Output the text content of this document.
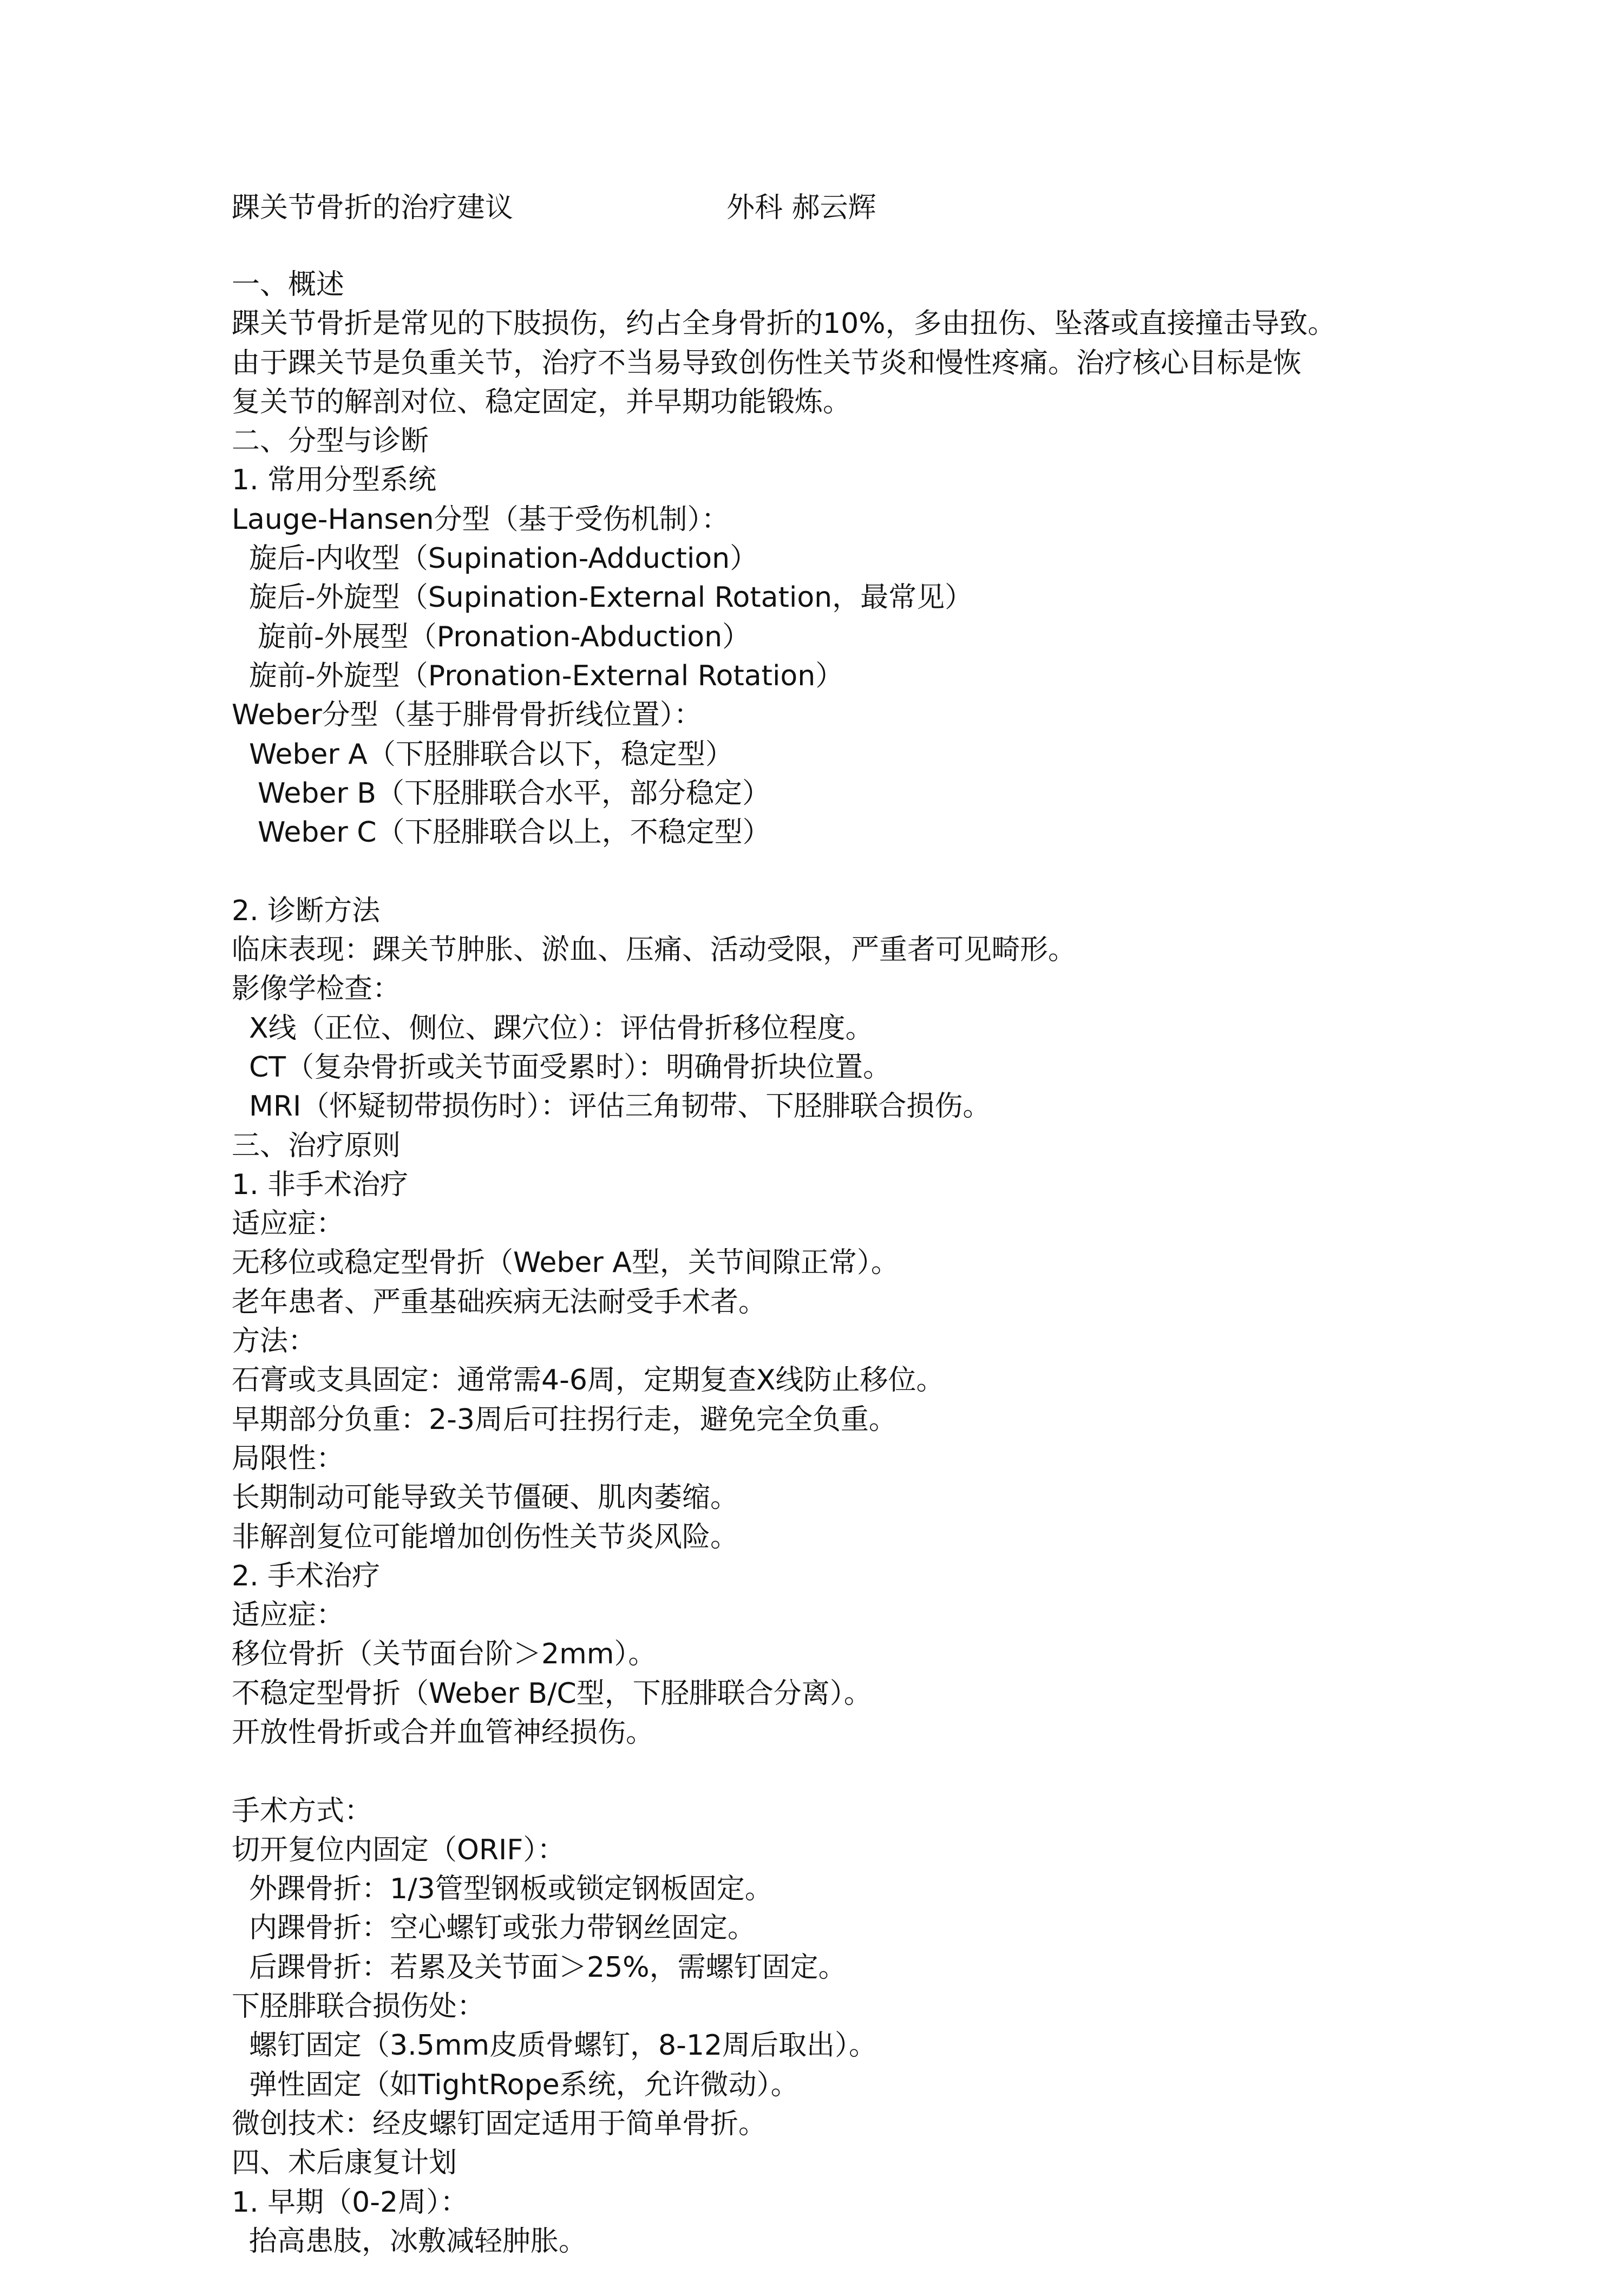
踝关节骨折的治疗建议	外科 郝云辉
一、概述
踝关节骨折是常见的下肢损伤，约占全身骨折的10%，多由扭伤、坠落或直接撞击导致。
由于踝关节是负重关节，治疗不当易导致创伤性关节炎和慢性疼痛。治疗核心目标是恢
复关节的解剖对位、稳定固定，并早期功能锻炼。
二、分型与诊断
1. 常用分型系统
Lauge-Hansen分型（基于受伤机制）：
旋后-内收型（Supination-Adduction）
旋后-外旋型（Supination-External Rotation，最常见）
旋前-外展型（Pronation-Abduction）
旋前-外旋型（Pronation-External Rotation）
Weber分型（基于腓骨骨折线位置）：
Weber A（下胫腓联合以下，稳定型）
Weber B（下胫腓联合水平，部分稳定）
Weber C（下胫腓联合以上，不稳定型）
2. 诊断方法
临床表现：踝关节肿胀、淤血、压痛、活动受限，严重者可见畸形。
影像学检查：
X线（正位、侧位、踝穴位）：评估骨折移位程度。
CT（复杂骨折或关节面受累时）：明确骨折块位置。
MRI（怀疑韧带损伤时）：评估三角韧带、下胫腓联合损伤。
三、治疗原则
1. 非手术治疗
适应症：
无移位或稳定型骨折（Weber A型，关节间隙正常）。
老年患者、严重基础疾病无法耐受手术者。
方法：
石膏或支具固定：通常需4-6周，定期复查X线防止移位。
早期部分负重：2-3周后可拄拐行走，避免完全负重。
局限性：
长期制动可能导致关节僵硬、肌肉萎缩。
非解剖复位可能增加创伤性关节炎风险。
2. 手术治疗
适应症：
移位骨折（关节面台阶＞2mm）。
不稳定型骨折（Weber B/C型，下胫腓联合分离）。
开放性骨折或合并血管神经损伤。
手术方式：
切开复位内固定（ORIF）：
外踝骨折：1/3管型钢板或锁定钢板固定。
内踝骨折：空心螺钉或张力带钢丝固定。
后踝骨折：若累及关节面＞25%，需螺钉固定。
下胫腓联合损伤处：
螺钉固定（3.5mm皮质骨螺钉，8-12周后取出）。
弹性固定（如TightRope系统，允许微动）。
微创技术：经皮螺钉固定适用于简单骨折。
四、术后康复计划
1. 早期（0-2周）：
抬高患肢，冰敷减轻肿胀。
